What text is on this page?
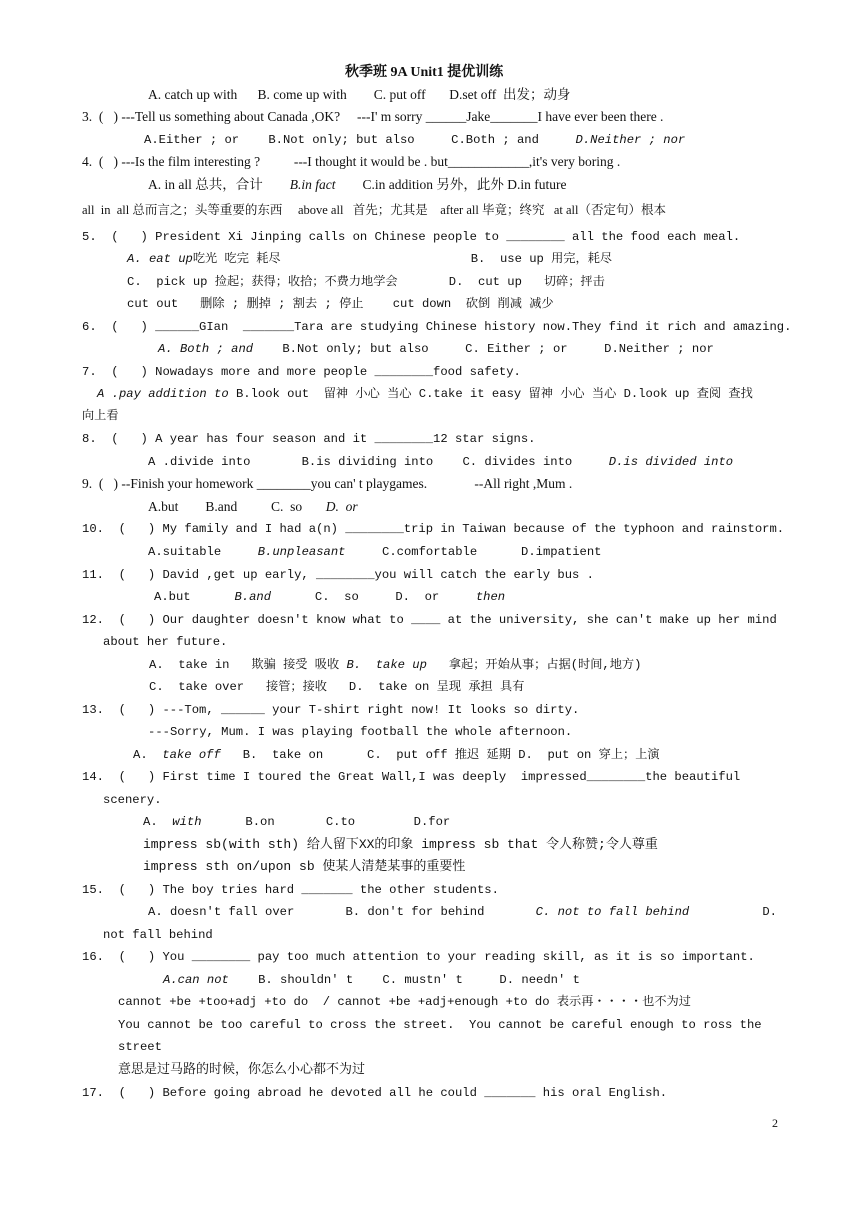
秋季班 9A Unit1 提优训练
A. catch up with      B. come up with        C. put off       D.set off  出发；动身
3.  (   ) ---Tell us something about Canada ,OK?     ---I' m sorry ______Jake_______I have ever been there .
A.Either ; or    B.Not only; but also     C.Both ; and     D.Neither ; nor
4.  (   ) ---Is the film interesting ?          ---I thought it would be . but____________,it's very boring .
A. in all 总共，合计        B.in fact        C.in addition 另外，此外 D.in future
all  in  all 总而言之；头等重要的东西     above all   首先；尤其是    after all 毕竟；终究   at all（否定句）根本
5.  (   ) President Xi Jinping calls on Chinese people to ________ all the food each meal.
A. eat up吃光 吃完 耗尽                          B.  use up 用完，耗尽
C.  pick up 捡起；获得；收拾；不费力地学会       D.  cut up   切碎；抨击
cut out   删除 ; 删掉 ; 割去 ; 停止    cut down  砍倒 削减 减少
6.  (   ) ______GIan  _______Tara are studying Chinese history now.They find it rich and amazing.
A. Both ; and    B.Not only; but also     C. Either ; or     D.Neither ; nor
7.  (   ) Nowadays more and more people ________food safety.
A .pay addition to B.look out  留神 小心 当心 C.take it easy 留神 小心 当心 D.look up 查阅 查找
向上看
8.  (   ) A year has four season and it ________12 star signs.
A .divide into       B.is dividing into    C. divides into     D.is divided into
9.  (   ) --Finish your homework ________you can' t playgames.              --All right ,Mum .
A.but        B.and          C.  so       D.  or
10.  (   ) My family and I had a(n) ________trip in Taiwan because of the typhoon and rainstorm.
A.suitable     B.unpleasant     C.comfortable      D.impatient
11.  (   ) David ,get up early, ________you will catch the early bus .
A.but      B.and      C.  so     D.  or     then
12.  (   ) Our daughter doesn't know what to ____ at the university, she can't make up her mind
about her future.
A.  take in   欺骗 接受 吸收 B.  take up   拿起；开始从事；占据(时间,地方)
C.  take over   接管；接收   D.  take on 呈现 承担 具有
13.  (   ) ---Tom, ______ your T-shirt right now! It looks so dirty.
---Sorry, Mum. I was playing football the whole afternoon.
A.  take off   B.  take on      C.  put off 推迟 延期 D.  put on 穿上；上演
14.  (   ) First time I toured the Great Wall,I was deeply  impressed________the beautiful
scenery.
A.  with      B.on       C.to        D.for
impress sb(with sth) 给人留下XX的印象 impress sb that 令人称赞;令人尊重
impress sth on/upon sb 使某人清楚某事的重要性
15.  (   ) The boy tries hard _______ the other students.
A. doesn't fall over       B. don't for behind       C. not to fall behind          D.
not fall behind
16.  (   ) You ________ pay too much attention to your reading skill, as it is so important.
A.can not    B. shouldn' t    C. mustn' t     D. needn' t
cannot +be +too+adj +to do  / cannot +be +adj+enough +to do 表示再・・・・也不为过
You cannot be too careful to cross the street.  You cannot be careful enough to ross the
street
意思是过马路的时候，你怎么小心都不为过
17.  (   ) Before going abroad he devoted all he could _______ his oral English.
2
